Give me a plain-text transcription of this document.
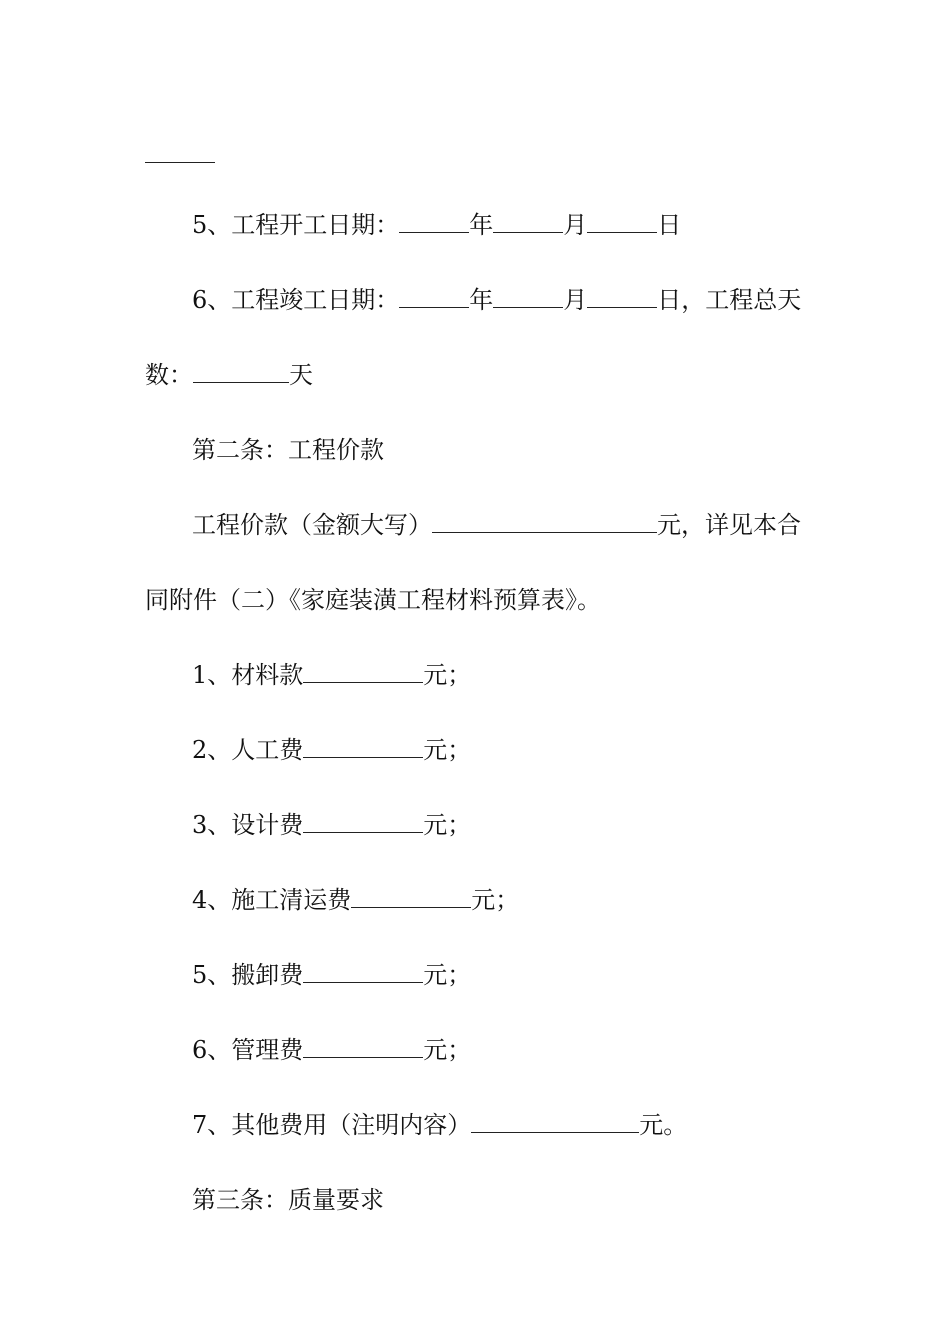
5、工程开工日期：	年	月	日
6、工程竣工日期：	年	月	日，工程总天
数：	天
第二条：工程价款
工程价款（金额大写）	元，详见本合
同附件（二）《家庭装潢工程材料预算表》。
1、材料款	元；
2、人工费	元；
3、设计费	元；
4、施工清运费	元；
5、搬卸费	元；
6、管理费	元；
7、其他费用（注明内容）	元。
第三条：质量要求
